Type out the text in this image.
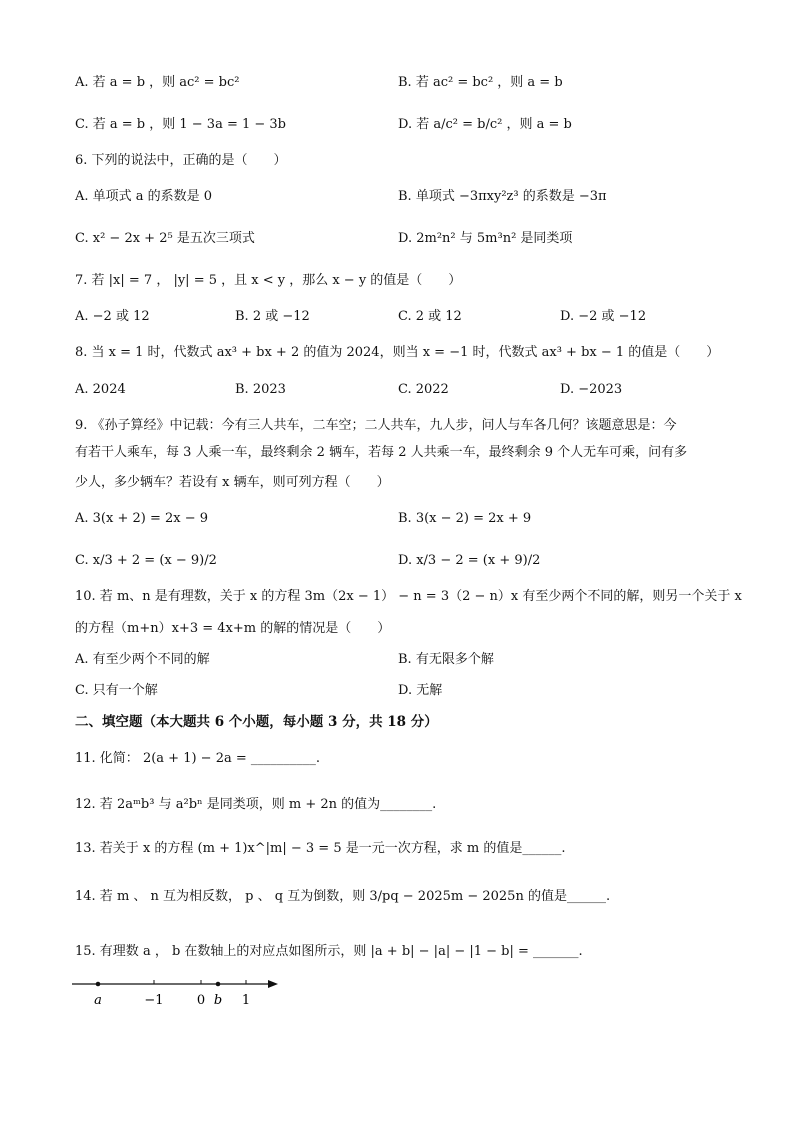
A. 若 a = b ，则 ac² = bc²	B. 若 ac² = bc² ，则 a = b
C. 若 a = b ，则 1 − 3a = 1 − 3b	D. 若 a/c² = b/c² ，则 a = b
6. 下列的说法中，正确的是（　　）
A. 单项式 a 的系数是 0	B. 单项式 −3πxy²z³ 的系数是 −3π
C. x² − 2x + 2⁵ 是五次三项式	D. 2m²n² 与 5m³n² 是同类项
7. 若 |x| = 7 ， |y| = 5 ，且 x < y ，那么 x − y 的值是（　　）
A. −2 或 12	B. 2 或 −12	C. 2 或 12	D. −2 或 −12
8. 当 x = 1 时，代数式 ax³ + bx + 2 的值为 2024，则当 x = −1 时，代数式 ax³ + bx − 1 的值是（　　）
A. 2024	B. 2023	C. 2022	D. −2023
9. 《孙子算经》中记载：今有三人共车，二车空；二人共车，九人步，问人与车各几何？该题意思是：今
有若干人乘车，每 3 人乘一车，最终剩余 2 辆车，若每 2 人共乘一车，最终剩余 9 个人无车可乘，问有多
少人，多少辆车？若设有 x 辆车，则可列方程（　　）
A. 3(x + 2) = 2x − 9	B. 3(x − 2) = 2x + 9
C. x/3 + 2 = (x − 9)/2	D. x/3 − 2 = (x + 9)/2
10. 若 m、n 是有理数，关于 x 的方程 3m（2x − 1） − n = 3（2 − n）x 有至少两个不同的解，则另一个关于 x
的方程（m+n）x+3 = 4x+m 的解的情况是（　　）
A. 有至少两个不同的解	B. 有无限多个解
C. 只有一个解	D. 无解
二、填空题（本大题共 6 个小题，每小题 3 分，共 18 分）
11. 化简： 2(a + 1) − 2a = __________.
12. 若 2aᵐb³ 与 a²bⁿ 是同类项，则 m + 2n 的值为________.
13. 若关于 x 的方程 (m + 1)x^|m| − 3 = 5 是一元一次方程，求 m 的值是______.
14. 若 m 、 n 互为相反数， p 、 q 互为倒数，则 3/pq − 2025m − 2025n 的值是______.
15. 有理数 a ， b 在数轴上的对应点如图所示，则 |a + b| − |a| − |1 − b| = _______.
a	−1	0 b 1
